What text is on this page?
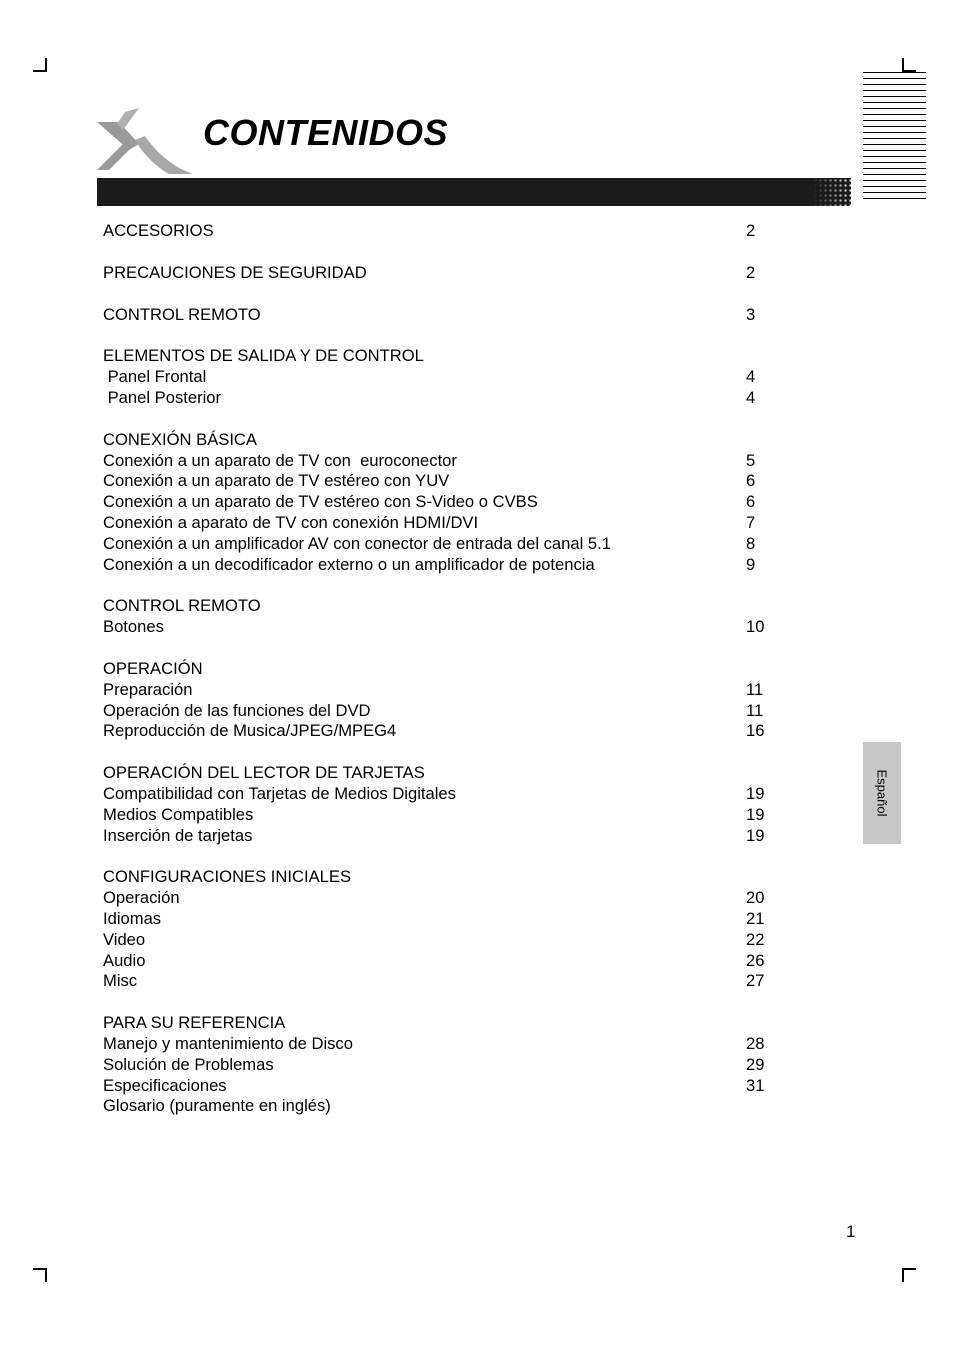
CONTENIDOS
ACCESORIOS	2
PRECAUCIONES DE SEGURIDAD	2
CONTROL REMOTO	3
ELEMENTOS DE SALIDA Y DE CONTROL
Panel Frontal	4
Panel Posterior	4
CONEXIÓN BÁSICA
Conexión a un aparato de TV con  euroconector	5
Conexión a un aparato de TV estéreo con YUV	6
Conexión a un aparato de TV estéreo con S-Video o CVBS	6
Conexión a aparato de TV con conexión HDMI/DVI	7
Conexión a un amplificador AV con conector de entrada del canal 5.1	8
Conexión a un decodificador externo o un amplificador de potencia	9
CONTROL REMOTO
Botones	10
OPERACIÓN
Preparación	11
Operación de las funciones del DVD	11
Reproducción de Musica/JPEG/MPEG4	16
OPERACIÓN DEL LECTOR DE TARJETAS
Compatibilidad con Tarjetas de Medios Digitales	19
Medios Compatibles	19
Inserción de tarjetas	19
CONFIGURACIONES INICIALES
Operación	20
Idiomas	21
Video	22
Audio	26
Misc	27
PARA SU REFERENCIA
Manejo y mantenimiento de Disco	28
Solución de Problemas	29
Especificaciones	31
Glosario (puramente en inglés)
Español
1
